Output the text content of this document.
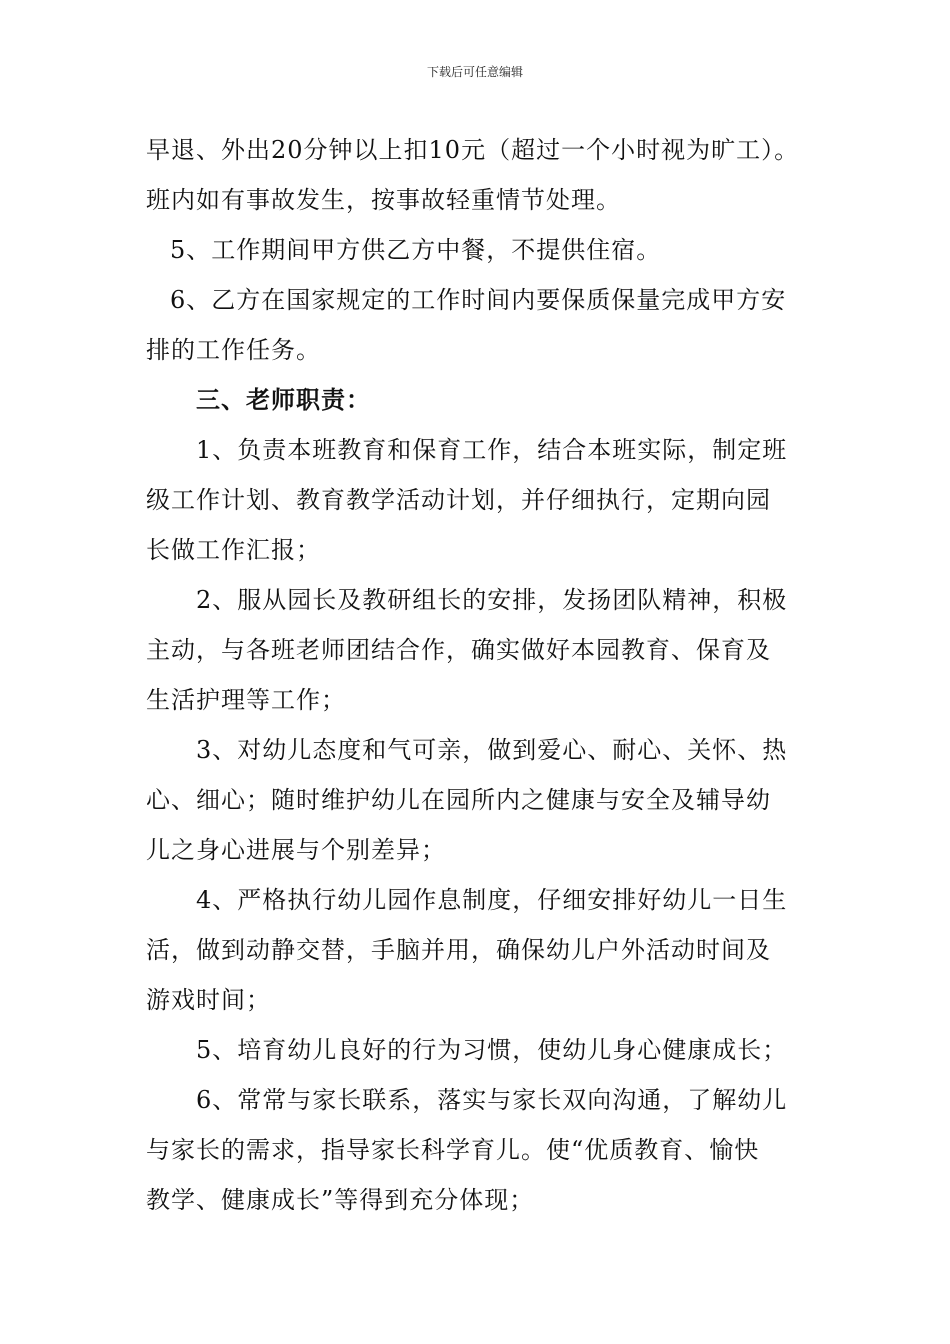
下载后可任意编辑
早退、外出20分钟以上扣10元（超过一个小时视为旷工）。
班内如有事故发生，按事故轻重情节处理。
5、工作期间甲方供乙方中餐，不提供住宿。
6、乙方在国家规定的工作时间内要保质保量完成甲方安
排的工作任务。
三、老师职责：
1、负责本班教育和保育工作，结合本班实际，制定班
级工作计划、教育教学活动计划，并仔细执行，定期向园
长做工作汇报；
2、服从园长及教研组长的安排，发扬团队精神，积极
主动，与各班老师团结合作，确实做好本园教育、保育及
生活护理等工作；
3、对幼儿态度和气可亲，做到爱心、耐心、关怀、热
心、细心；随时维护幼儿在园所内之健康与安全及辅导幼
儿之身心进展与个别差异；
4、严格执行幼儿园作息制度，仔细安排好幼儿一日生
活，做到动静交替，手脑并用，确保幼儿户外活动时间及
游戏时间；
5、培育幼儿良好的行为习惯，使幼儿身心健康成长；
6、常常与家长联系，落实与家长双向沟通，了解幼儿
与家长的需求，指导家长科学育儿。使“优质教育、愉快
教学、健康成长”等得到充分体现；
